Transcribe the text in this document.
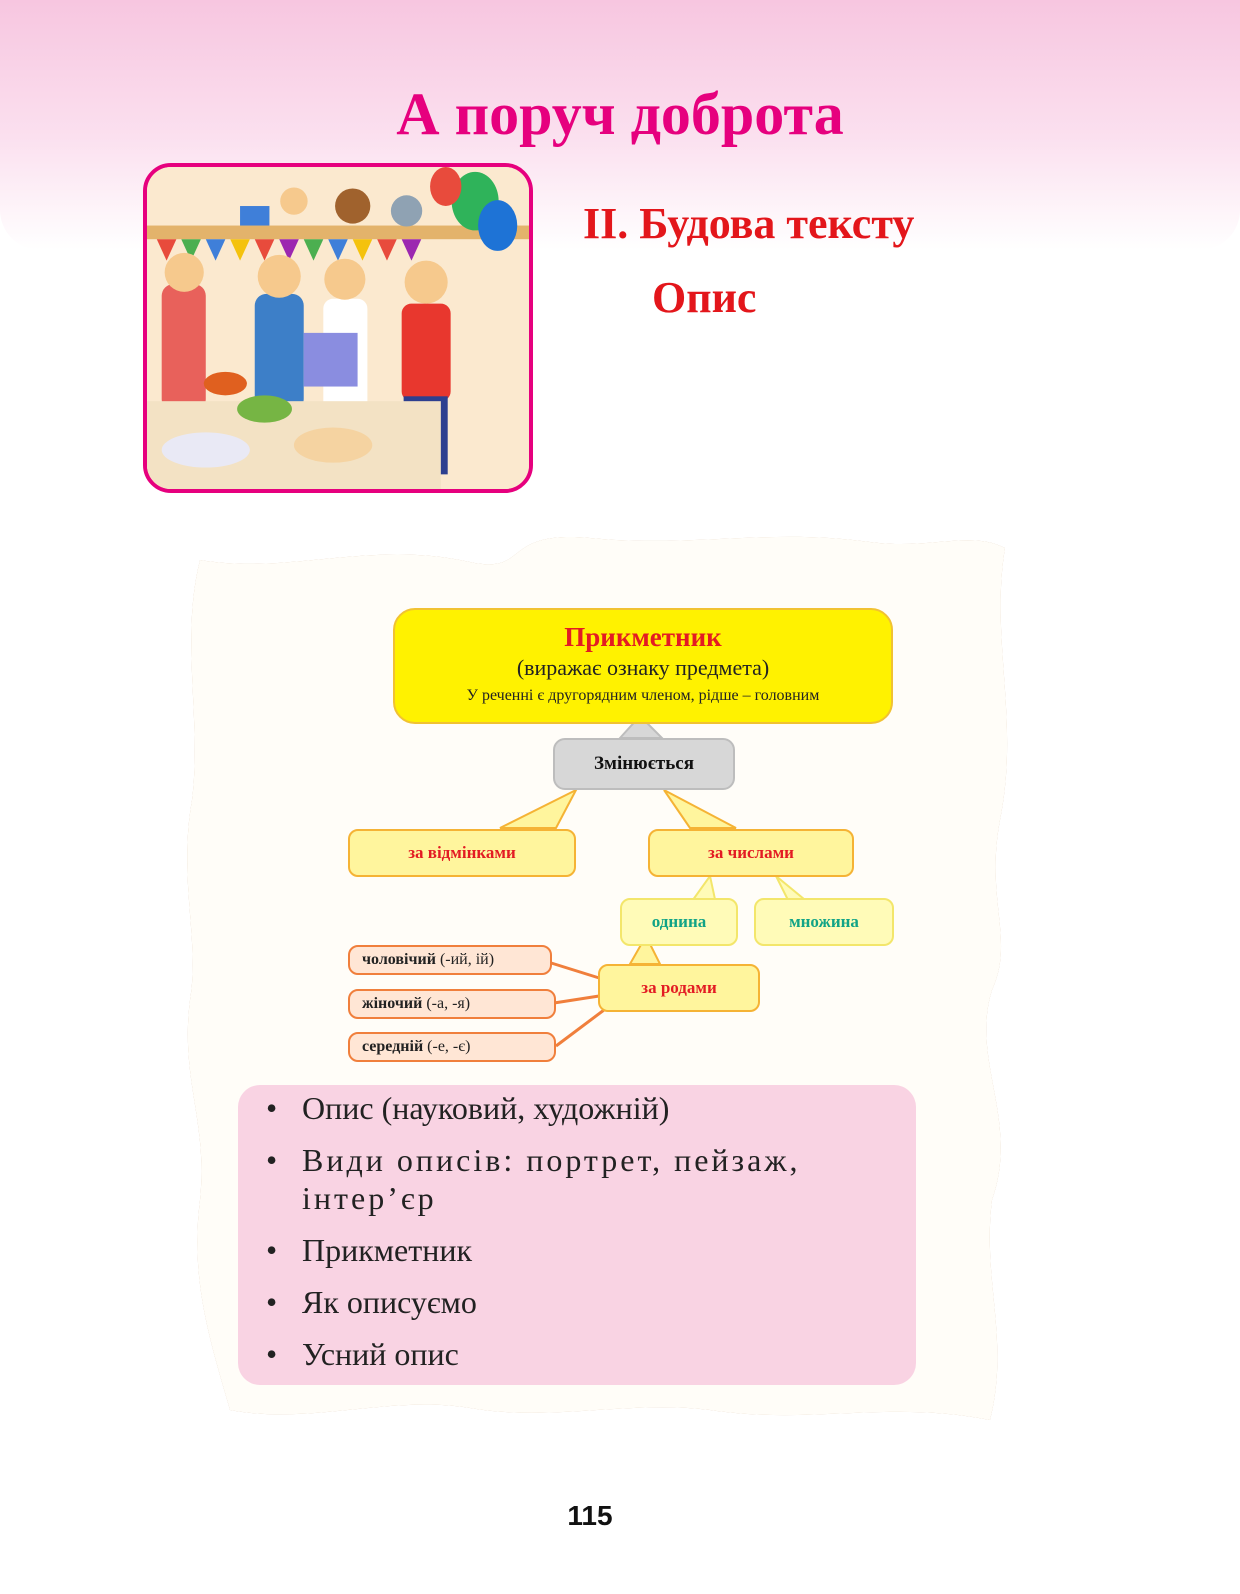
А поруч доброта
ІІ. Будова тексту
Опис
Прикметник
(виражає ознаку предмета)
У реченні є другорядним членом, рідше – головним
Змінюється
за відмінками	за числами
однина	множина
за родами
чоловічий (-ий, ій)
жіночий (-а, -я)
середній (-е, -є)
• Опис (науковий, художній)
• Види описів: портрет, пейзаж, інтер’єр
• Прикметник
• Як описуємо
• Усний опис
115
